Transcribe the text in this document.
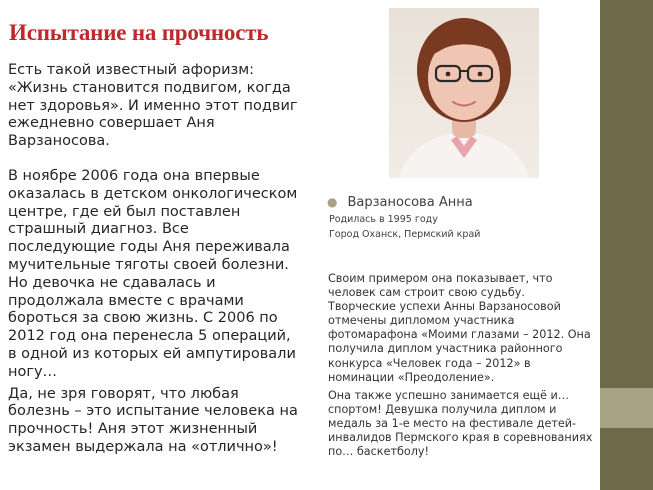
Испытание на прочность

Есть такой известный афоризм: «Жизнь становится подвигом, когда нет здоровья». И именно этот подвиг ежедневно совершает Аня Варзаносова.

В ноябре 2006 года она впервые оказалась в детском онкологическом центре, где ей был поставлен страшный диагноз. Все последующие годы Аня переживала мучительные тяготы своей болезни. Но девочка не сдавалась и продолжала вместе с врачами бороться за свою жизнь. С 2006 по 2012 год она перенесла 5 операций, в одной из которых ей ампутировали ногу…

Да, не зря говорят, что любая болезнь – это испытание человека на прочность! Аня этот жизненный экзамен выдержала на «отлично»!

● Варзаносова Анна
Родилась в 1995 году
Город Оханск, Пермский край

Своим примером она показывает, что человек сам строит свою судьбу. Творческие успехи Анны Варзаносовой отмечены дипломом участника фотомарафона «Моими глазами – 2012. Она получила диплом участника районного конкурса «Человек года – 2012» в номинации «Преодоление».

Она также успешно занимается ещё и… спортом! Девушка получила диплом и медаль за 1-е место на фестивале детей-инвалидов Пермского края в соревнованиях по… баскетболу!
